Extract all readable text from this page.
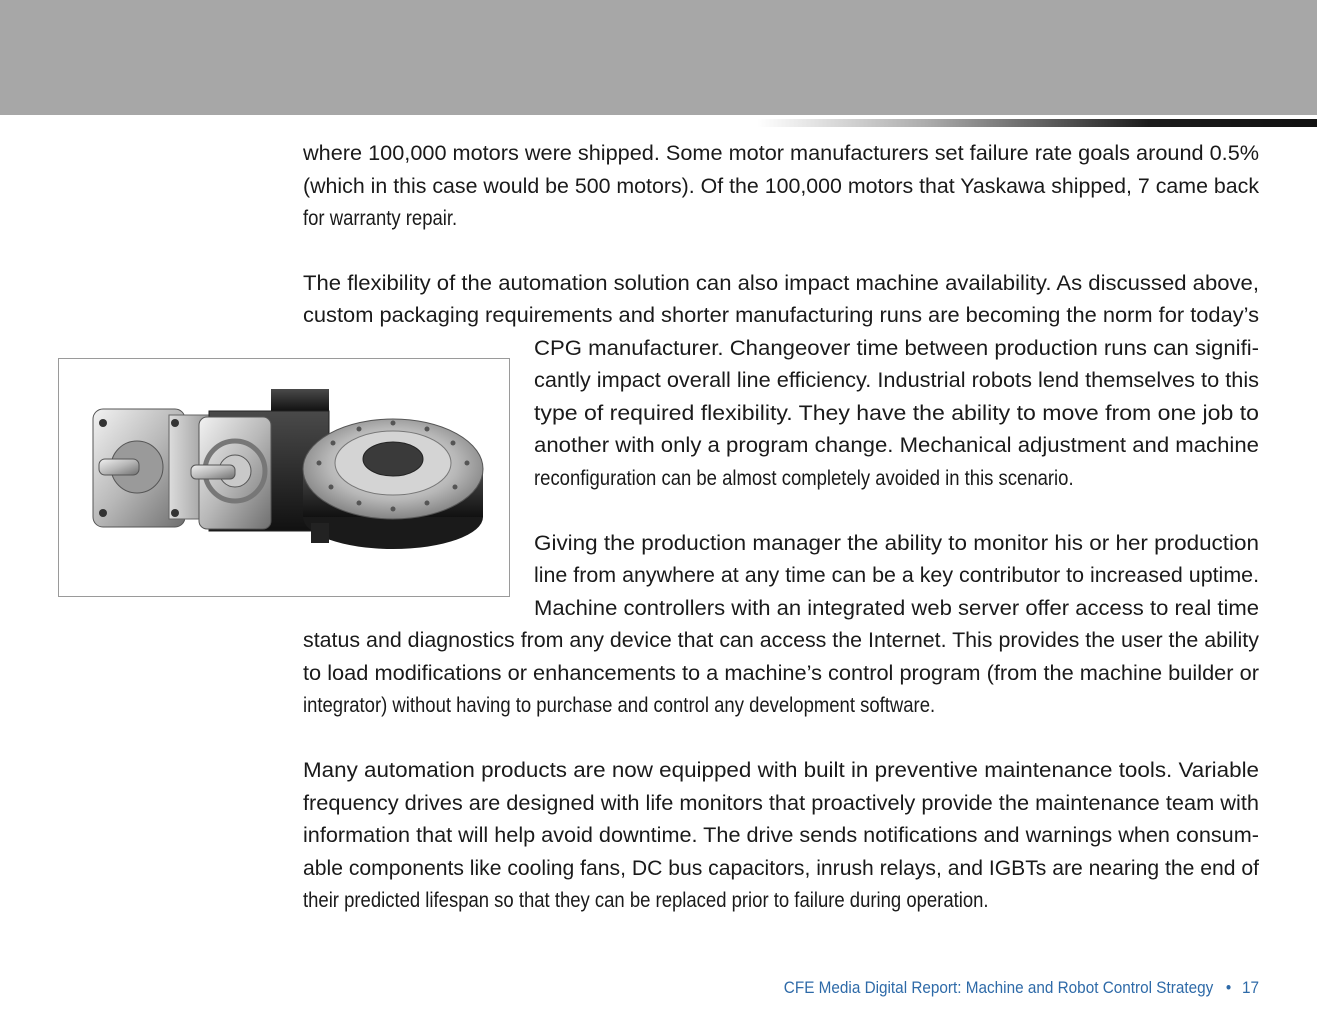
where 100,000 motors were shipped. Some motor manufacturers set failure rate goals around 0.5%
(which in this case would be 500 motors). Of the 100,000 motors that Yaskawa shipped, 7 came back
for warranty repair.
The flexibility of the automation solution can also impact machine availability. As discussed above,
custom packaging requirements and shorter manufacturing runs are becoming the norm for today’s
CPG manufacturer. Changeover time between production runs can signifi-
cantly impact overall line efficiency. Industrial robots lend themselves to this
type of required flexibility. They have the ability to move from one job to
another with only a program change. Mechanical adjustment and machine
reconfiguration can be almost completely avoided in this scenario.
Giving the production manager the ability to monitor his or her production
line from anywhere at any time can be a key contributor to increased uptime.
Machine controllers with an integrated web server offer access to real time
status and diagnostics from any device that can access the Internet. This provides the user the ability
to load modifications or enhancements to a machine’s control program (from the machine builder or
integrator) without having to purchase and control any development software.
Many automation products are now equipped with built in preventive maintenance tools. Variable
frequency drives are designed with life monitors that proactively provide the maintenance team with
information that will help avoid downtime. The drive sends notifications and warnings when consum-
able components like cooling fans, DC bus capacitors, inrush relays, and IGBTs are nearing the end of
their predicted lifespan so that they can be replaced prior to failure during operation.
CFE Media Digital Report: Machine and Robot Control Strategy • 17
